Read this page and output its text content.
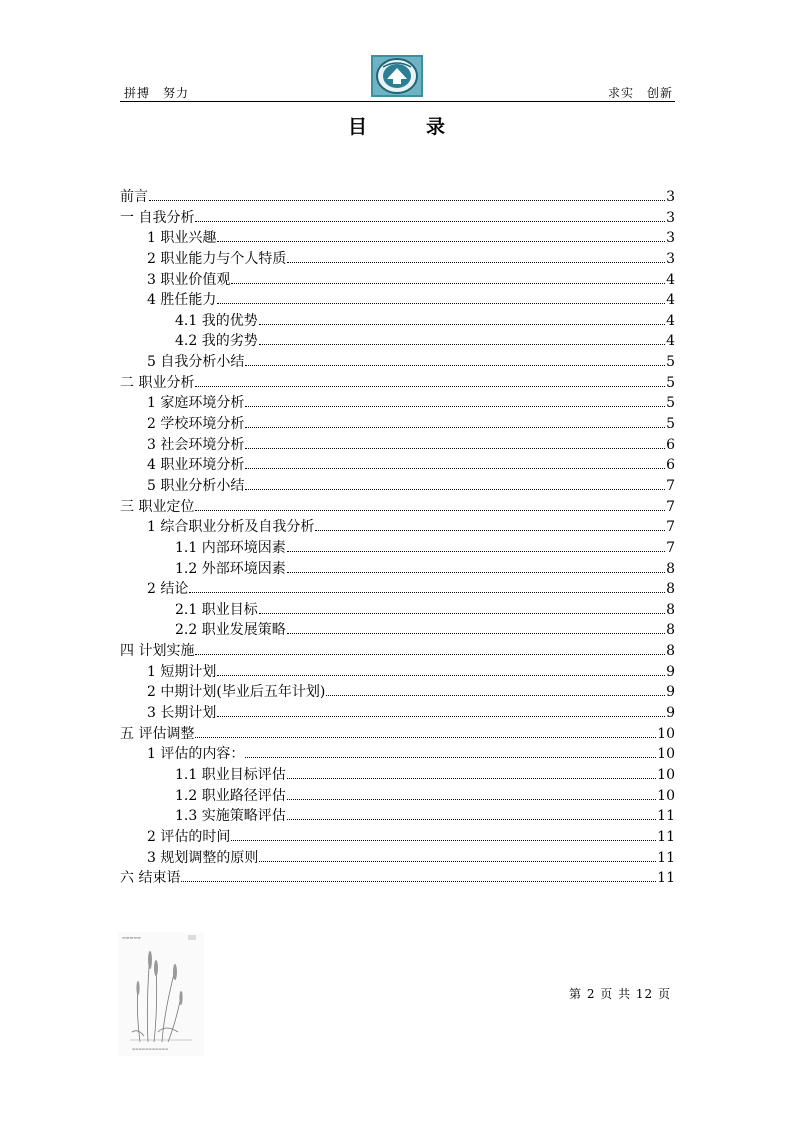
拼搏　努力	求实　创新
目　录
前言	3
一 自我分析	3
1 职业兴趣	3
2 职业能力与个人特质	3
3 职业价值观	4
4 胜任能力	4
4.1 我的优势	4
4.2 我的劣势	4
5 自我分析小结	5
二 职业分析	5
1 家庭环境分析	5
2 学校环境分析	5
3 社会环境分析	6
4 职业环境分析	6
5 职业分析小结	7
三 职业定位	7
1 综合职业分析及自我分析	7
1.1 内部环境因素	7
1.2 外部环境因素	8
2 结论	8
2.1 职业目标	8
2.2 职业发展策略	8
四 计划实施	8
1 短期计划	9
2 中期计划(毕业后五年计划)	9
3 长期计划	9
五 评估调整	10
1 评估的内容：	10
1.1 职业目标评估	10
1.2 职业路径评估	10
1.3 实施策略评估	11
2 评估的时间	11
3 规划调整的原则	11
六 结束语	11
▬▬▬▬▬
▬▬▬▬▬▬▬▬▬▬▬
第 2 页 共 12 页
